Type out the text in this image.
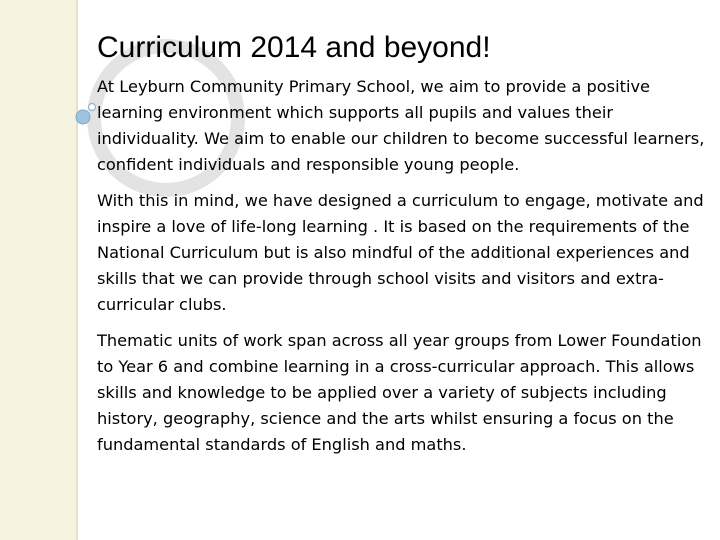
Curriculum 2014 and beyond!

At Leyburn Community Primary School, we aim to provide a positive learning environment which supports all pupils and values their individuality. We aim to enable our children to become successful learners, confident individuals and responsible young people.

With this in mind, we have designed a curriculum to engage, motivate and inspire a love of life-long learning . It is based on the requirements of the National Curriculum but is also mindful of the additional experiences and skills that we can provide through school visits and visitors and extra-curricular clubs.

Thematic units of work span across all year groups from Lower Foundation to Year 6 and combine learning in a cross-curricular approach. This allows skills and knowledge to be applied over a variety of subjects including history, geography, science and the arts whilst ensuring a focus on the fundamental standards of English and maths.
